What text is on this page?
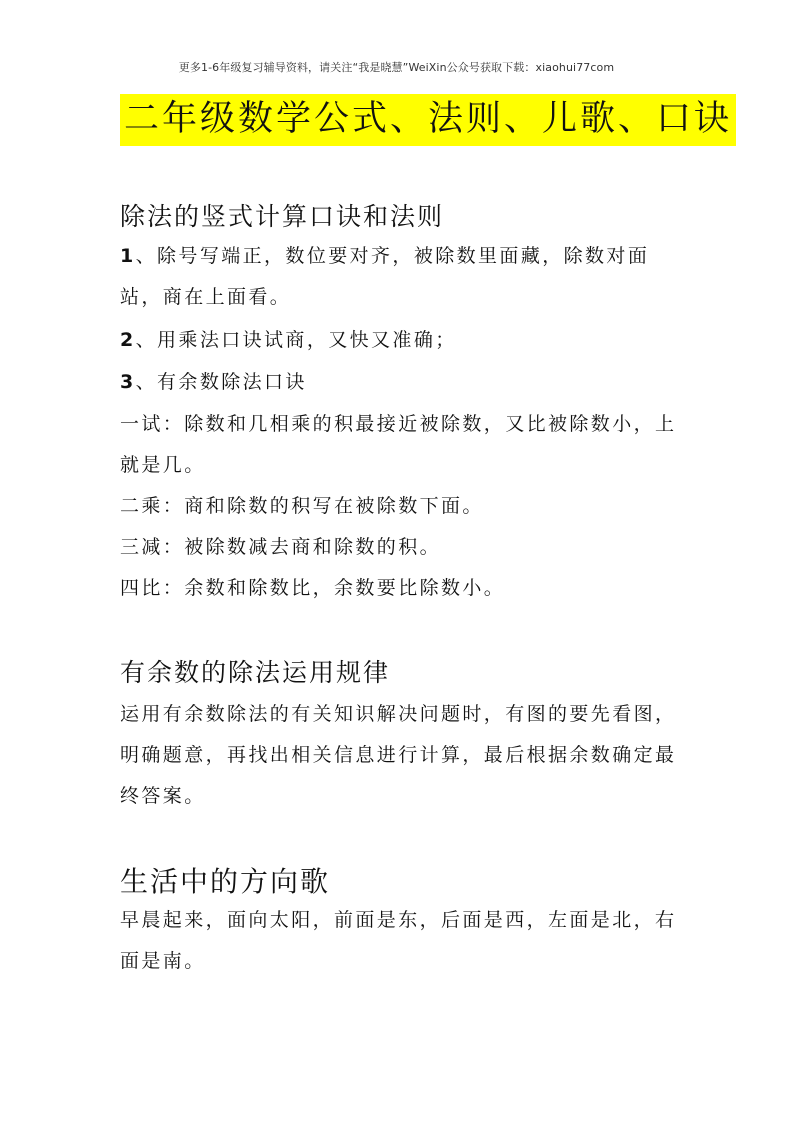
更多1-6年级复习辅导资料，请关注“我是晓慧”WeiXin公众号获取下载：xiaohui77com
二年级数学公式、法则、儿歌、口诀
除法的竖式计算口诀和法则
1、除号写端正，数位要对齐，被除数里面藏，除数对面站，商在上面看。
2、用乘法口诀试商，又快又准确；
3、有余数除法口诀
一试：除数和几相乘的积最接近被除数，又比被除数小，上就是几。
二乘：商和除数的积写在被除数下面。
三减：被除数减去商和除数的积。
四比：余数和除数比，余数要比除数小。
有余数的除法运用规律
运用有余数除法的有关知识解决问题时，有图的要先看图，明确题意，再找出相关信息进行计算，最后根据余数确定最终答案。
生活中的方向歌
早晨起来，面向太阳，前面是东，后面是西，左面是北，右面是南。
